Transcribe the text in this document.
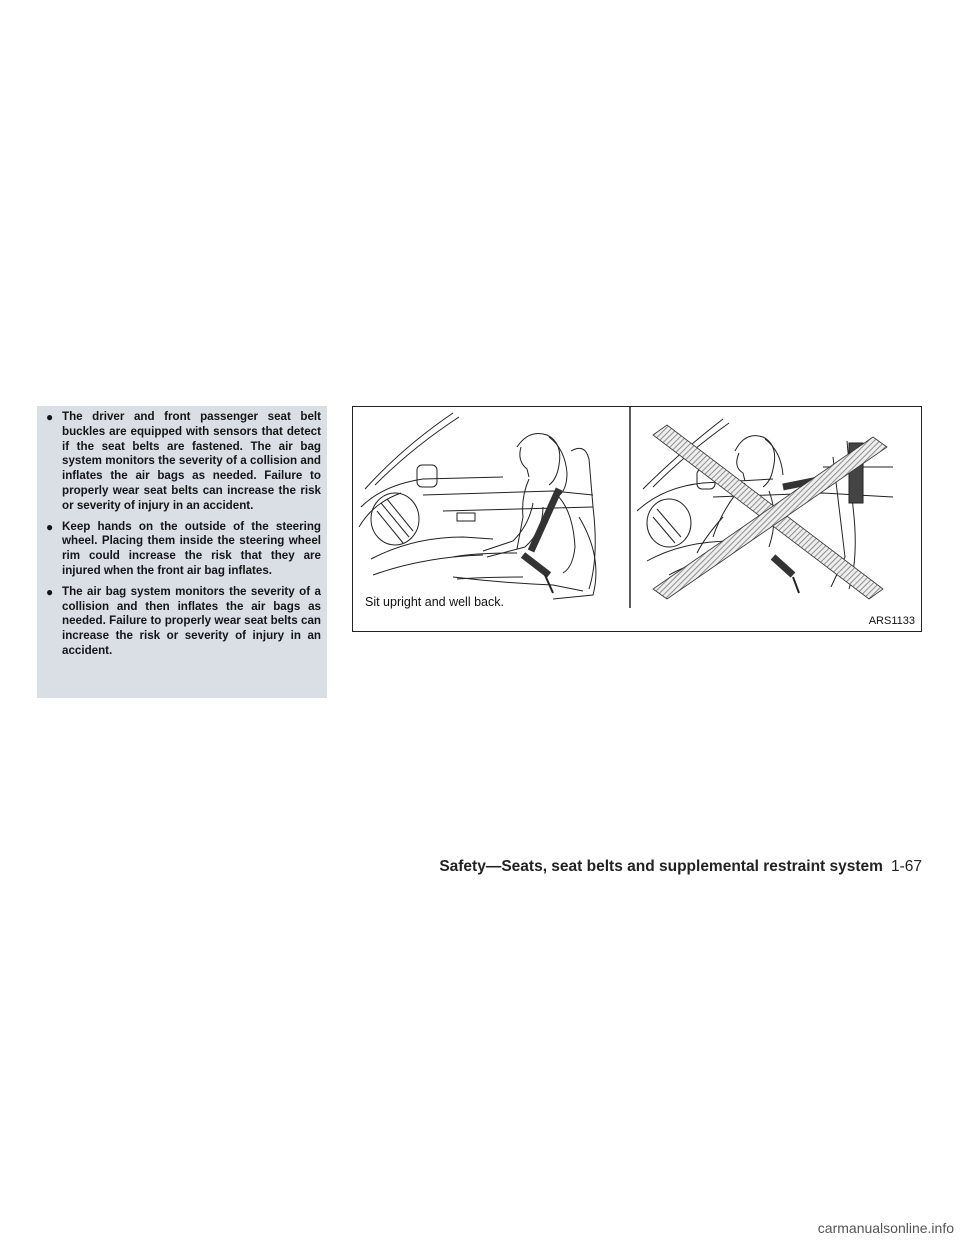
● The driver and front passenger seat belt buckles are equipped with sensors that detect if the seat belts are fastened. The air bag system monitors the severity of a collision and inflates the air bags as needed. Failure to properly wear seat belts can increase the risk or severity of injury in an accident.
● Keep hands on the outside of the steering wheel. Placing them inside the steering wheel rim could increase the risk that they are injured when the front air bag inflates.
● The air bag system monitors the severity of a collision and then inflates the air bags as needed. Failure to properly wear seat belts can increase the risk or severity of injury in an accident.
Sit upright and well back.
ARS1133
Safety—Seats, seat belts and supplemental restraint system 1-67
carmanualsonline.info
